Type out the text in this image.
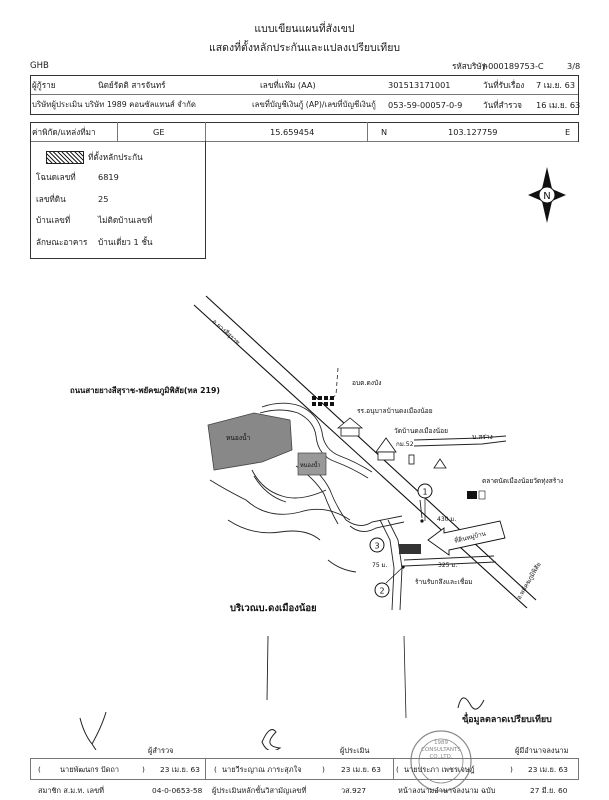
แบบเขียนแผนที่สังเขป
แสดงที่ตั้งหลักประกันและแปลงเปรียบเทียบ
GHB	รหัสบริษัท
J-000189753-C	3/8
ผู้กู้ราย	นิตย์รัตติ สารจันทร์	เลขที่แฟ้ม (AA)	301513171001	วันที่รับเรื่อง 7 เม.ย. 63
บริษัทผู้ประเมิน บริษัท 1989 คอนซัลแทนส์ จำกัด	เลขที่บัญชีเงินกู้ (AP)/เลขที่บัญชีเงินกู้ 053-59-00057-0-9	วันที่สำรวจ 16 เม.ย. 63
ค่าพิกัด/แหล่งที่มา	GE	15.659454	N	103.127759	E
ที่ตั้งหลักประกัน
โฉนดเลขที่	6819
เลขที่ดิน	25
บ้านเลขที่	ไม่ติดบ้านเลขที่
ลักษณะอาคาร บ้านเดี่ยว 1 ชั้น
N
1
3
2
อ.ยางสีสุราช
ถนนสายยางสีสุราช-พยัคฆภูมิพิสัย(ทล 219)
อบต.ดงบัง
รร.อนุบาลบ้านดงเมืองน้อย
วัดบ้านดงเมืองน้อย
กม.52
บ.สร่าง
หนองน้ำ
หนองน้ำ
ตลาดนัดเมืองน้อยวัดทุ่งสร้าง
430 ม.
75 ม.	325 ม.
ร้านรับกลึงและเชื่อม
ที่ดินหมู่บ้าน
บริเวณบ.ดงเมืองน้อย
อ.พยัคฆภูมิพิสัย
ข้อมูลตลาดเปรียบเทียบ
1989 CONSULTANTS
ผู้สำรวจ	ผู้ประเมิน	ผู้มีอำนาจลงนาม
(	นายพัฒนกร ปัดถา	) 23 เม.ย. 63 ( นายวีระญาณ ภาระสุภใจ	) 23 เม.ย. 63 ( นายประภา เพชรเจษฎ์	) 23 เม.ย. 63
สมาชิก ส.ม.ท. เลขที่	04-0-0653-58 ผู้ประเมินหลักชั้นวิสามัญเลขที่	วส.927	หน้าลงนามอำนาจลงนาม ฉบับ	27 มี.ย. 60
